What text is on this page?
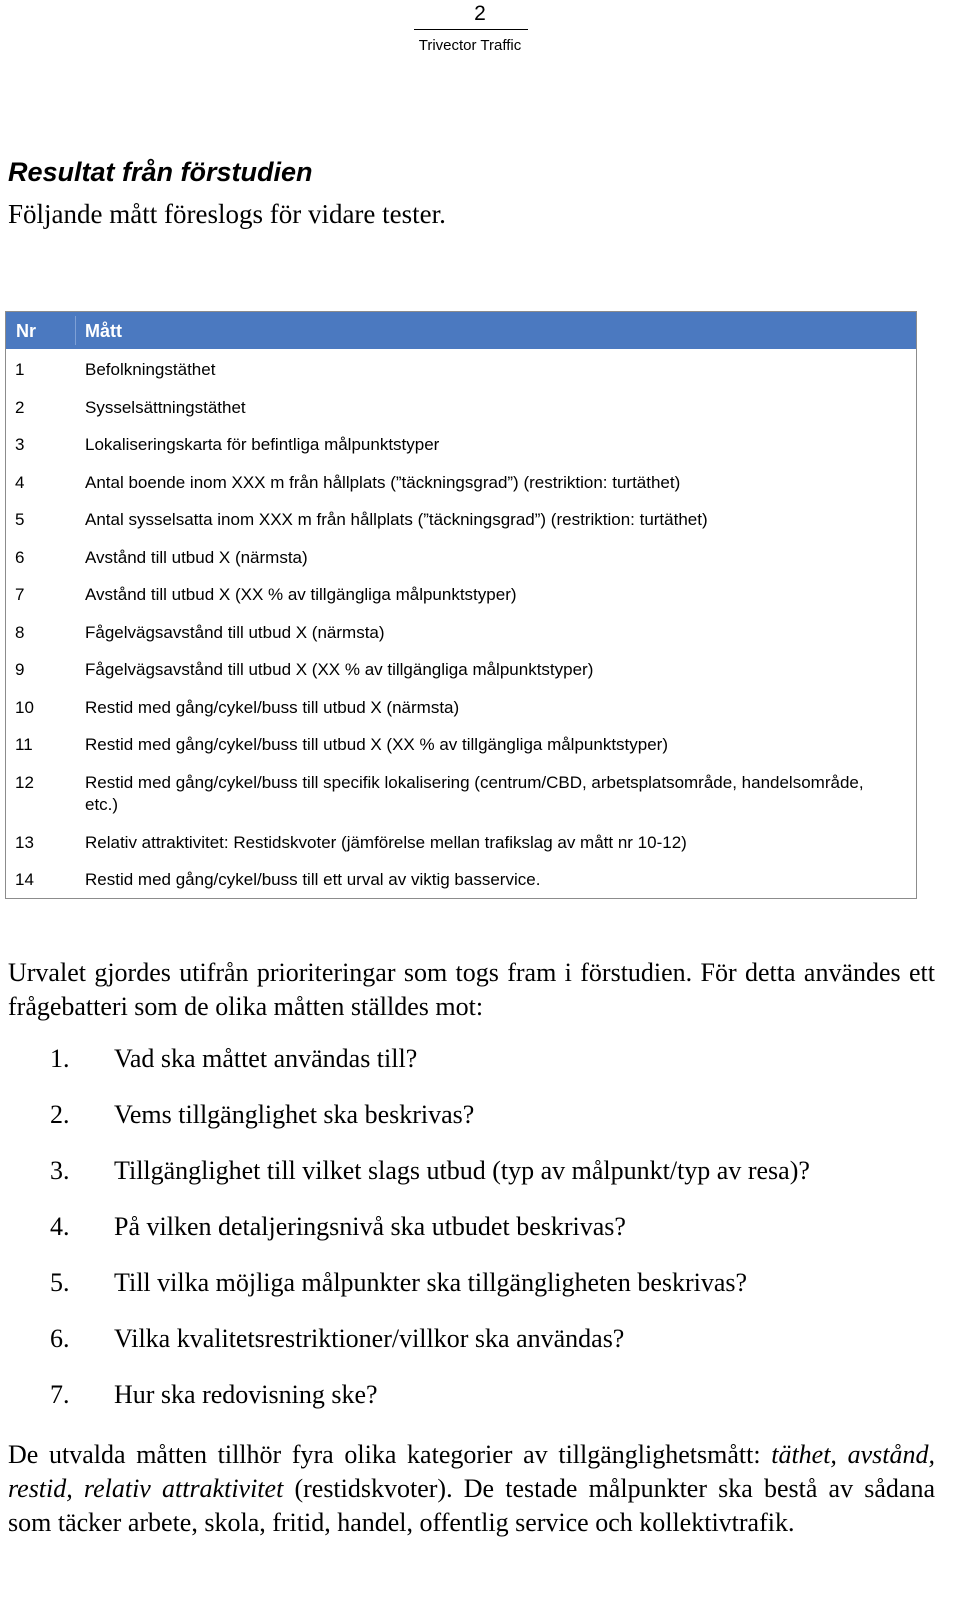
2
Trivector Traffic
Resultat från förstudien
Följande mått föreslogs för vidare tester.
Nr	Mått
1	Befolkningstäthet
2	Sysselsättningstäthet
3	Lokaliseringskarta för befintliga målpunktstyper
4	Antal boende inom XXX m från hållplats (”täckningsgrad”) (restriktion: turtäthet)
5	Antal sysselsatta inom XXX m från hållplats (”täckningsgrad”) (restriktion: turtäthet)
6	Avstånd till utbud X (närmsta)
7	Avstånd till utbud X (XX % av tillgängliga målpunktstyper)
8	Fågelvägsavstånd till utbud X (närmsta)
9	Fågelvägsavstånd till utbud X (XX % av tillgängliga målpunktstyper)
10	Restid med gång/cykel/buss till utbud X (närmsta)
11	Restid med gång/cykel/buss till utbud X (XX % av tillgängliga målpunktstyper)
12	Restid med gång/cykel/buss till specifik lokalisering (centrum/CBD, arbetsplatsområde, handelsområde, etc.)
13	Relativ attraktivitet: Restidskvoter (jämförelse mellan trafikslag av mått nr 10-12)
14	Restid med gång/cykel/buss till ett urval av viktig basservice.

Urvalet gjordes utifrån prioriteringar som togs fram i förstudien. För detta användes ett frågebatteri som de olika måtten ställdes mot:

1. Vad ska måttet användas till?
2. Vems tillgänglighet ska beskrivas?
3. Tillgänglighet till vilket slags utbud (typ av målpunkt/typ av resa)?
4. På vilken detaljeringsnivå ska utbudet beskrivas?
5. Till vilka möjliga målpunkter ska tillgängligheten beskrivas?
6. Vilka kvalitetsrestriktioner/villkor ska användas?
7. Hur ska redovisning ske?

De utvalda måtten tillhör fyra olika kategorier av tillgänglighetsmått: täthet, avstånd, restid, relativ attraktivitet (restidskvoter). De testade målpunkter ska bestå av sådana som täcker arbete, skola, fritid, handel, offentlig service och kollektivtrafik.
